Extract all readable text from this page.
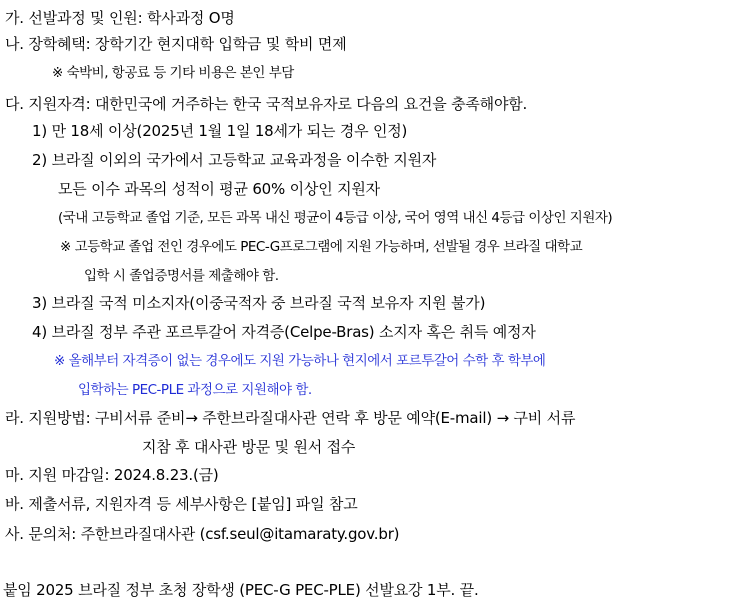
가. 선발과정 및 인원: 학사과정 O명
나. 장학혜택: 장학기간 현지대학 입학금 및 학비 면제
※ 숙박비, 항공료 등 기타 비용은 본인 부담
다. 지원자격: 대한민국에 거주하는 한국 국적보유자로 다음의 요건을 충족해야함.
1) 만 18세 이상(2025년 1월 1일 18세가 되는 경우 인정)
2) 브라질 이외의 국가에서 고등학교 교육과정을 이수한 지원자
모든 이수 과목의 성적이 평균 60% 이상인 지원자
(국내 고등학교 졸업 기준, 모든 과목 내신 평균이 4등급 이상, 국어 영역 내신 4등급 이상인 지원자)
※ 고등학교 졸업 전인 경우에도 PEC-G프로그램에 지원 가능하며, 선발될 경우 브라질 대학교
입학 시 졸업증명서를 제출해야 함.
3) 브라질 국적 미소지자(이중국적자 중 브라질 국적 보유자 지원 불가)
4) 브라질 정부 주관 포르투갈어 자격증(Celpe-Bras) 소지자 혹은 취득 예정자
※ 올해부터 자격증이 없는 경우에도 지원 가능하나 현지에서 포르투갈어 수학 후 학부에
입학하는 PEC-PLE 과정으로 지원해야 함.
라. 지원방법: 구비서류 준비→ 주한브라질대사관 연락 후 방문 예약(E-mail) → 구비 서류
지참 후 대사관 방문 및 원서 접수
마. 지원 마감일: 2024.8.23.(금)
바. 제출서류, 지원자격 등 세부사항은 [붙임] 파일 참고
사. 문의처: 주한브라질대사관 (csf.seul@itamaraty.gov.br)
붙임 2025 브라질 정부 초청 장학생 (PEC-G PEC-PLE) 선발요강 1부. 끝.
